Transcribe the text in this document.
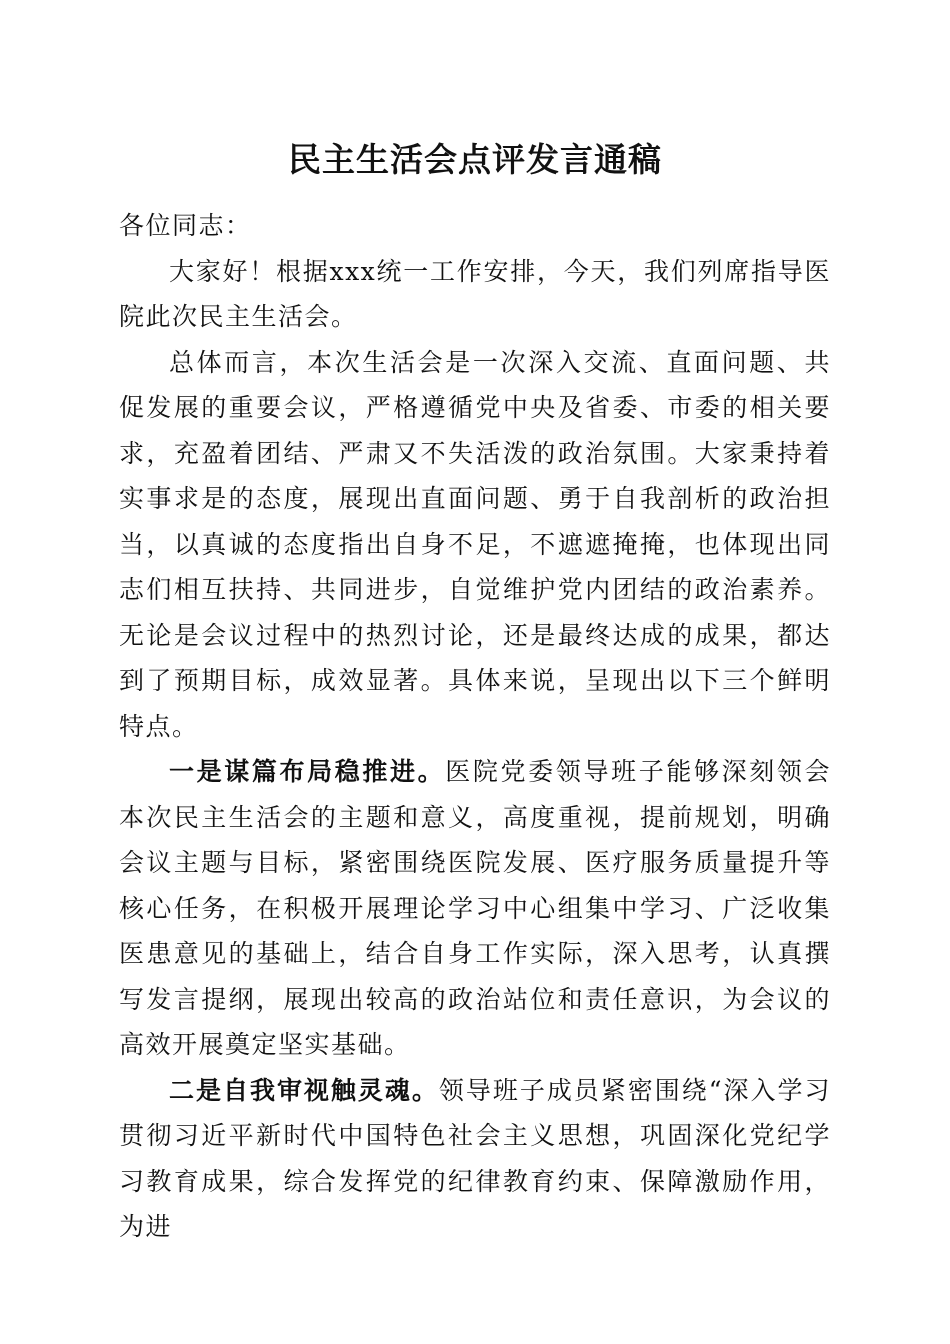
民主生活会点评发言通稿

各位同志：

大家好！根据xxx统一工作安排，今天，我们列席指导医院此次民主生活会。

总体而言，本次生活会是一次深入交流、直面问题、共促发展的重要会议，严格遵循党中央及省委、市委的相关要求，充盈着团结、严肃又不失活泼的政治氛围。大家秉持着实事求是的态度，展现出直面问题、勇于自我剖析的政治担当，以真诚的态度指出自身不足，不遮遮掩掩，也体现出同志们相互扶持、共同进步，自觉维护党内团结的政治素养。无论是会议过程中的热烈讨论，还是最终达成的成果，都达到了预期目标，成效显著。具体来说，呈现出以下三个鲜明特点。

一是谋篇布局稳推进。医院党委领导班子能够深刻领会本次民主生活会的主题和意义，高度重视，提前规划，明确会议主题与目标，紧密围绕医院发展、医疗服务质量提升等核心任务，在积极开展理论学习中心组集中学习、广泛收集医患意见的基础上，结合自身工作实际，深入思考，认真撰写发言提纲，展现出较高的政治站位和责任意识，为会议的高效开展奠定坚实基础。

二是自我审视触灵魂。领导班子成员紧密围绕“深入学习贯彻习近平新时代中国特色社会主义思想，巩固深化党纪学习教育成果，综合发挥党的纪律教育约束、保障激励作用，为进
